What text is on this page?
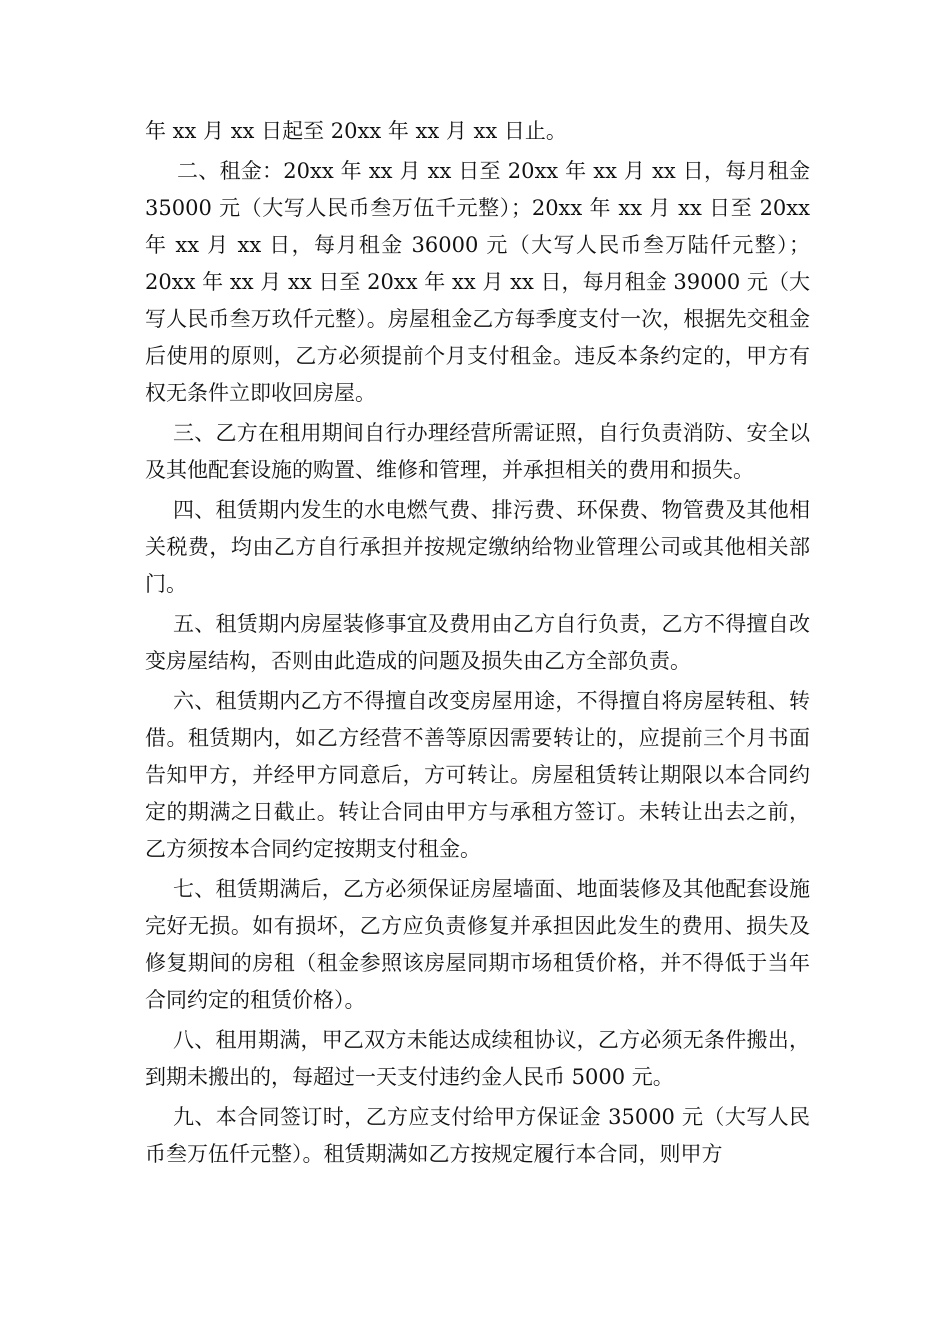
年 xx 月 xx 日起至 20xx 年 xx 月 xx 日止。

二、租金：20xx 年 xx 月 xx 日至 20xx 年 xx 月 xx 日，每月租金 35000 元（大写人民币叁万伍千元整）；20xx 年 xx 月 xx 日至 20xx 年 xx 月 xx 日，每月租金 36000 元（大写人民币叁万陆仟元整）；20xx 年 xx 月 xx 日至 20xx 年 xx 月 xx 日，每月租金 39000 元（大写人民币叁万玖仟元整）。房屋租金乙方每季度支付一次，根据先交租金后使用的原则，乙方必须提前个月支付租金。违反本条约定的，甲方有权无条件立即收回房屋。

三、乙方在租用期间自行办理经营所需证照，自行负责消防、安全以及其他配套设施的购置、维修和管理，并承担相关的费用和损失。

四、租赁期内发生的水电燃气费、排污费、环保费、物管费及其他相关税费，均由乙方自行承担并按规定缴纳给物业管理公司或其他相关部门。

五、租赁期内房屋装修事宜及费用由乙方自行负责，乙方不得擅自改变房屋结构，否则由此造成的问题及损失由乙方全部负责。

六、租赁期内乙方不得擅自改变房屋用途，不得擅自将房屋转租、转借。租赁期内，如乙方经营不善等原因需要转让的，应提前三个月书面告知甲方，并经甲方同意后，方可转让。房屋租赁转让期限以本合同约定的期满之日截止。转让合同由甲方与承租方签订。未转让出去之前，乙方须按本合同约定按期支付租金。

七、租赁期满后，乙方必须保证房屋墙面、地面装修及其他配套设施完好无损。如有损坏，乙方应负责修复并承担因此发生的费用、损失及修复期间的房租（租金参照该房屋同期市场租赁价格，并不得低于当年合同约定的租赁价格）。

八、租用期满，甲乙双方未能达成续租协议，乙方必须无条件搬出，到期未搬出的，每超过一天支付违约金人民币 5000 元。

九、本合同签订时，乙方应支付给甲方保证金 35000 元（大写人民币叁万伍仟元整）。租赁期满如乙方按规定履行本合同，则甲方
